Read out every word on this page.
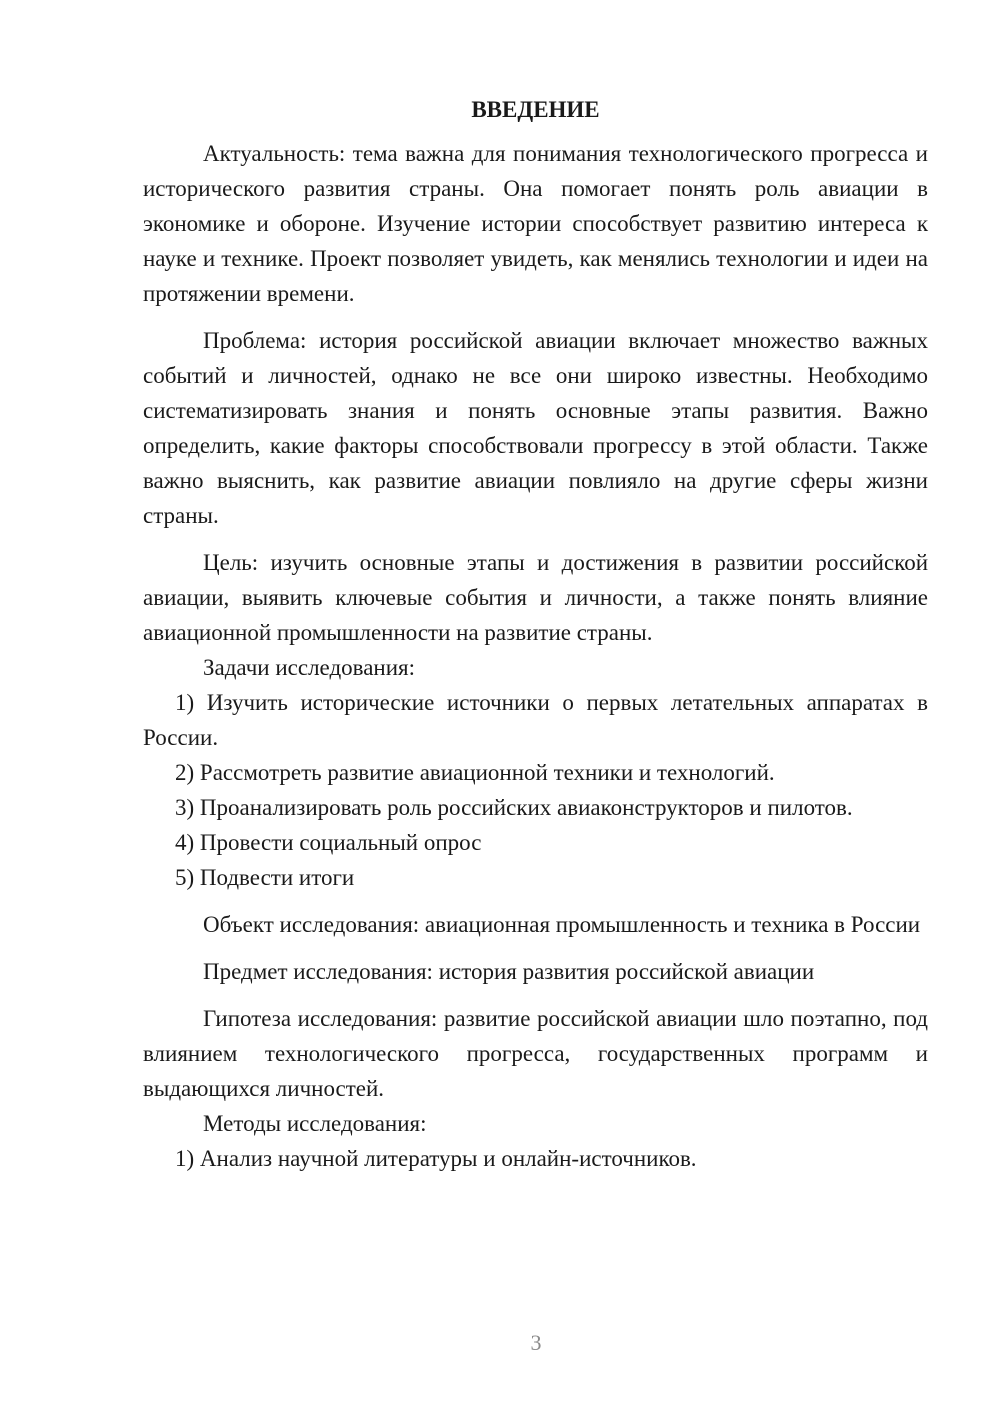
ВВЕДЕНИЕ

Актуальность: тема важна для понимания технологического прогресса и исторического развития страны. Она помогает понять роль авиации в экономике и обороне. Изучение истории способствует развитию интереса к науке и технике. Проект позволяет увидеть, как менялись технологии и идеи на протяжении времени.

Проблема: история российской авиации включает множество важных событий и личностей, однако не все они широко известны. Необходимо систематизировать знания и понять основные этапы развития. Важно определить, какие факторы способствовали прогрессу в этой области. Также важно выяснить, как развитие авиации повлияло на другие сферы жизни страны.

Цель: изучить основные этапы и достижения в развитии российской авиации, выявить ключевые события и личности, а также понять влияние авиационной промышленности на развитие страны.

Задачи исследования:

1) Изучить исторические источники о первых летательных аппаратах в России.

2) Рассмотреть развитие авиационной техники и технологий.

3) Проанализировать роль российских авиаконструкторов и пилотов.

4) Провести социальный опрос

5) Подвести итоги

Объект исследования: авиационная промышленность и техника в России

Предмет исследования: история развития российской авиации

Гипотеза исследования: развитие российской авиации шло поэтапно, под влиянием технологического прогресса, государственных программ и выдающихся личностей.

Методы исследования:

1) Анализ научной литературы и онлайн-источников.

3
